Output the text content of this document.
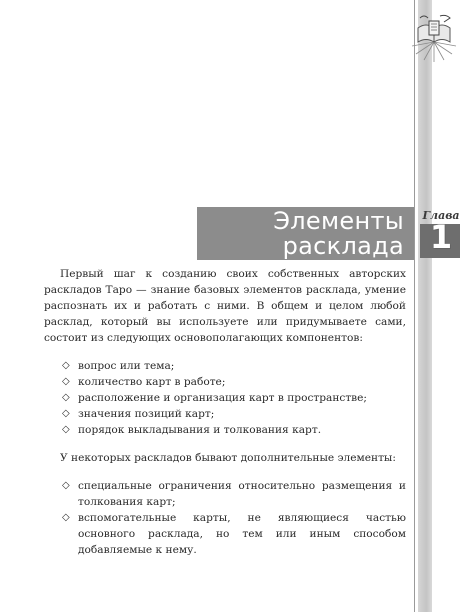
Элементы
расклада
Глава
1

Первый шаг к созданию своих собственных авторских раскладов Таро — знание базовых элементов расклада, умение распознать их и работать с ними. В общем и целом любой расклад, который вы используете или придумываете сами, состоит из следующих основополагающих компонентов:

◇ вопрос или тема;
◇ количество карт в работе;
◇ расположение и организация карт в пространстве;
◇ значения позиций карт;
◇ порядок выкладывания и толкования карт.

У некоторых раскладов бывают дополнительные элементы:

◇ специальные ограничения относительно размещения и толкования карт;
◇ вспомогательные карты, не являющиеся частью основного расклада, но тем или иным способом добавляемые к нему.
